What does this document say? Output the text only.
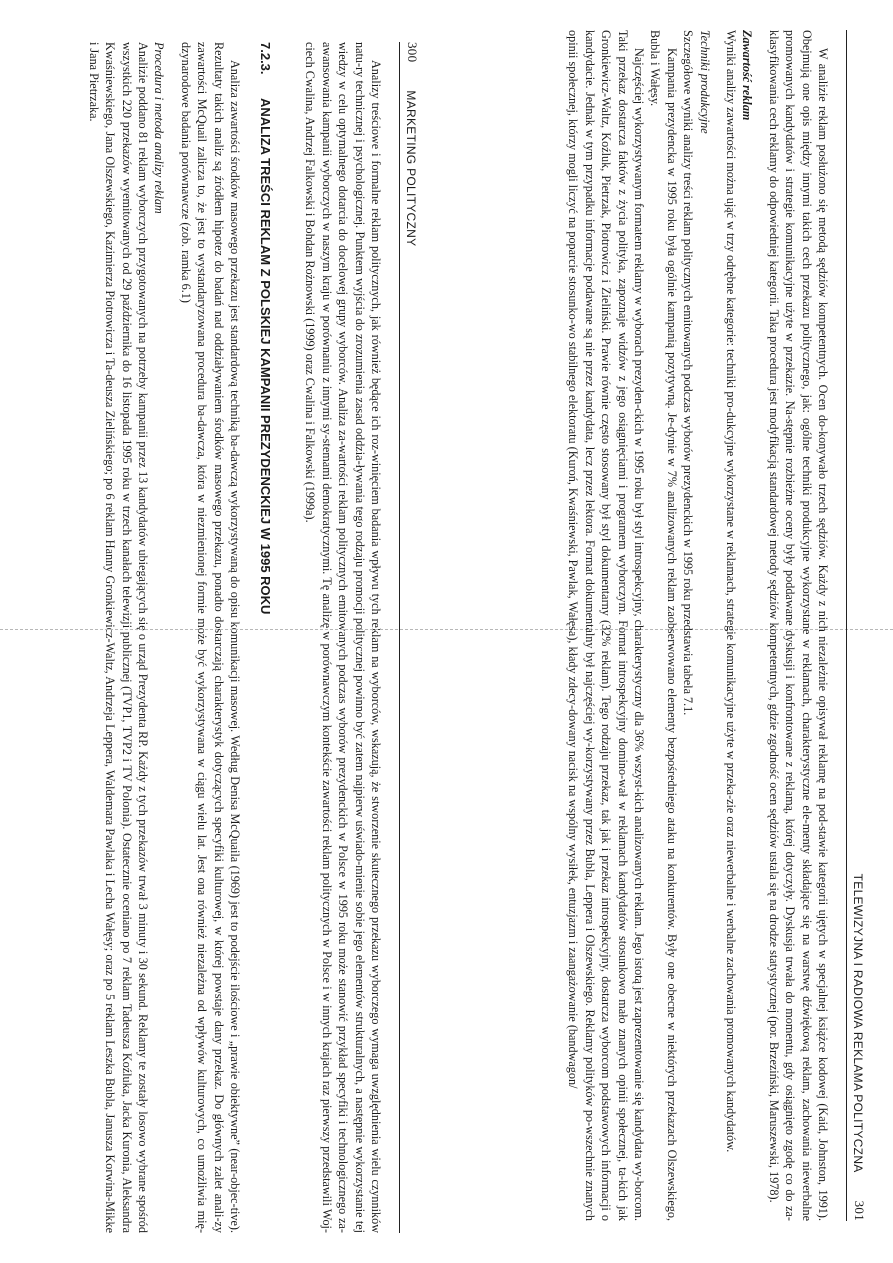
300
MARKETING POLITYCZNY

Analizy treściowe i formalne reklam politycznych, jak również będące ich roz-winięciem badania wpływu tych reklam na wyborców, wskazują, że stworzenie skutecznego przekazu wyborczego wymaga uwzględnienia wielu czynników natu-ry technicznej i psychologicznej. Punktem wyjścia do zrozumienia zasad oddzia-ływania tego rodzaju promocji politycznej powinno być zatem najpierw uświado-mienie sobie jego elementów strukturalnych, a następnie wykorzystanie tej wiedzy w celu optymalnego dotarcia do docelowej grupy wyborców. Analiza za-wartości reklam politycznych emitowanych podczas wyborów prezydenckich w Polsce w 1995 roku może stanowić przykład specyfiki i technologicznego za-awansowania kampanii wyborczych w naszym kraju w porównaniu z innymi sy-stemami demokratycznymi. Tę analizę w porównawczym kontekście zawartości reklam politycznych w Polsce i w innych krajach raz pierwszy przedstawili Woj-ciech Cwalina, Andrzej Falkowski i Bohdan Rożnowski (1999) oraz Cwalina i Falkowski (1999a).

7.2.3.
ANALIZA TREŚCI REKLAM Z POLSKIEJ KAMPANII PREZYDENCKIEJ W 1995 ROKU

Analiza zawartości środków masowego przekazu jest standardową techniką ba-dawczą wykorzystywaną do opisu komunikacji masowej. Według Denisa McQuaila (1969) jest to podejście ilościowe i „prawie obiektywne” (near-objec-tive). Rezultaty takich analiz są źródłem hipotez do badań nad oddziaływaniem środków masowego przekazu, ponadto dostarczają charakterystyk dotyczących specyfiki kulturowej, w której powstaje dany przekaz. Do głównych zalet anali-zy zawartości McQuail zalicza to, że jest to wystandaryzowana procedura ba-dawcza, która w niezmienionej formie może być wykorzystywana w ciągu wielu lat. Jest ona również niezależna od wpływów kulturowych, co umożliwia mię-dzynarodowe badania porównawcze (zob. ramka 6.1)

Procedura i metoda analizy reklam

Analizie poddano 81 reklam wyborczych przygotowanych na potrzeby kampanii przez 13 kandydatów ubiegających się o urząd Prezydenta RP. Każdy z tych przekazów trwał 3 minuty i 30 sekund. Reklamy te zostały losowo wybrane spośród wszystkich 220 przekazów wyemitowanych od 29 października do 16 listopada 1995 roku w trzech kanałach telewizji publicznej (TVP1, TVP2 i TV Polonia). Ostatecznie oceniano po 7 reklam Tadeusza Koźluka, Jacka Kuronia, Aleksandra Kwaśniewskiego, Jana Olszewskiego, Kazimierza Piotrowicza i Ta-deusza Zielińskiego; po 6 reklam Hanny Gronkiewicz-Waltz, Andrzeja Leppera, Waldemara Pawlaka i Lecha Wałęsy; oraz po 5 reklam Leszka Bubla, Janusza Korwina-Mikke i Jana Pietrzaka.

TELEWIZYJNA I RADIOWA REKLAMA POLITYCZNA
301

W analizie reklam posłużono się metodą sędziów kompetentnych. Ocen do-konywało trzech sędziów. Każdy z nich niezależnie opisywał reklamę na pod-stawie kategorii ujętych w specjalnej książce kodowej (Kaid, Johnston, 1991). Obejmują one opis między innymi takich cech przekazu politycznego, jak: ogólne techniki produkcyjne wykorzystane w reklamach, charakterystyczne ele-menty składające się na warstwę dźwiękową reklam, zachowania niewerbalne promowanych kandydatów i strategie komunikacyjne użyte w przekazie. Na-stępnie rozbieżne oceny były poddawane dyskusji i konfrontowane z reklamą, której dotyczyły. Dyskusja trwała do momentu, gdy osiągnięto zgodę co do za-klasyfikowania cech reklamy do odpowiedniej kategorii. Taka procedura jest modyfikacją standardowej metody sędziów kompetentnych, gdzie zgodność ocen sędziów ustala się na drodze statystycznej (por. Brzeziński, Maruszewski, 1978).

Zawartość reklam

Wyniki analizy zawartości można ująć w trzy odrębne kategorie: techniki pro-dukcyjne wykorzystane w reklamach, strategie komunikacyjne użyte w przeka-zie oraz niewerbalne i werbalne zachowania promowanych kandydatów.

Techniki produkcyjne

Szczegółowe wyniki analizy treści reklam politycznych emitowanych podczas wyborów prezydenckich w 1995 roku przedstawia tabela 7.1.

Kampania prezydencka w 1995 roku była ogólnie kampanią pozytywną. Je-dynie w 7% analizowanych reklam zaobserwowano elementy bezpośredniego ataku na konkurentów. Były one obecne w niektórych przekazach Olszewskiego, Bubla i Wałęsy.

Najczęściej wykorzystywanym formatem reklamy w wyborach prezyden-ckich w 1995 roku był styl introspekcyjny, charakterystyczny dla 36% wszyst-kich analizowanych reklam. Jego istotą jest zaprezentowanie się kandydata wy-borcom. Taki przekaz dostarcza faktów z życia polityka, zapoznaje widzów z jego osiągnięciami i programem wyborczym. Format introspekcyjny domino-wał w reklamach kandydatów stosunkowo mało znanych opinii społecznej, ta-kich jak Gronkiewicz-Waltz, Koźluk, Pietrzak, Piotrowicz i Zieliński. Prawie równie często stosowany był styl dokumentarny (32% reklam). Tego rodzaju przekaz, tak jak i przekaz introspekcyjny, dostarcza wyborcom podstawowych informacji o kandydacie. Jednak w tym przypadku informacje podawane są nie przez kandydata, lecz przez lektora. Format dokumentalny był najczęściej wy-korzystywany przez Bubla, Leppera i Olszewskiego. Reklamy polityków po-wszechnie znanych opinii społecznej, którzy mogli liczyć na poparcie stosunko-wo stabilnego elektoratu (Kuroń, Kwaśniewski, Pawlak, Wałęsa), kłady zdecy-dowany nacisk na wspólny wysiłek, entuzjazm i zaangażowanie (bandwagon/
